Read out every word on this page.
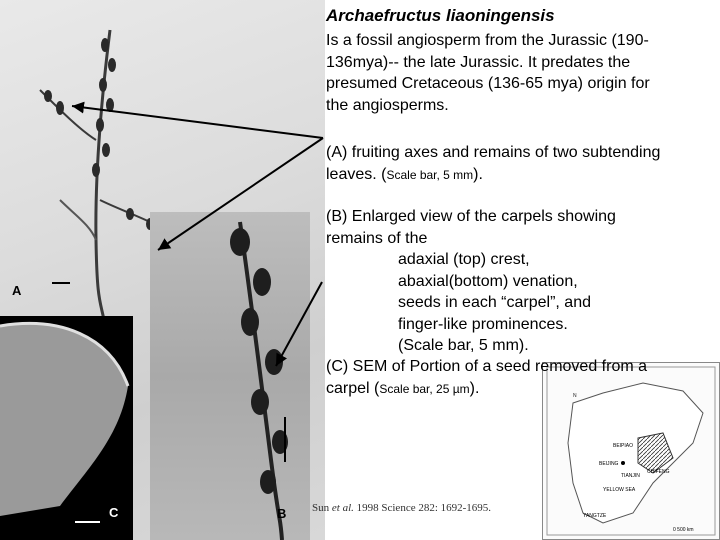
A
B
C
Archaefructus liaoningensis
Is a fossil angiosperm from the Jurassic (190-
136mya)-- the late Jurassic. It predates the
presumed Cretaceous (136-65 mya) origin for
the angiosperms.
(A) fruiting axes and remains of two subtending
leaves. (Scale bar, 5 mm).
(B) Enlarged view of the carpels showing
remains of the
adaxial (top) crest,
abaxial(bottom) venation,
seeds in each “carpel”, and
finger-like prominences.
(Scale bar, 5 mm).
N
BEIJING
TIANJIN
YELLOW SEA
CHIFENG
YANGTZE
BEIPIAO
0 500 km
(C) SEM of Portion of a seed removed from a
carpel (Scale bar, 25 µm).
Sun et al. 1998 Science 282: 1692-1695.
